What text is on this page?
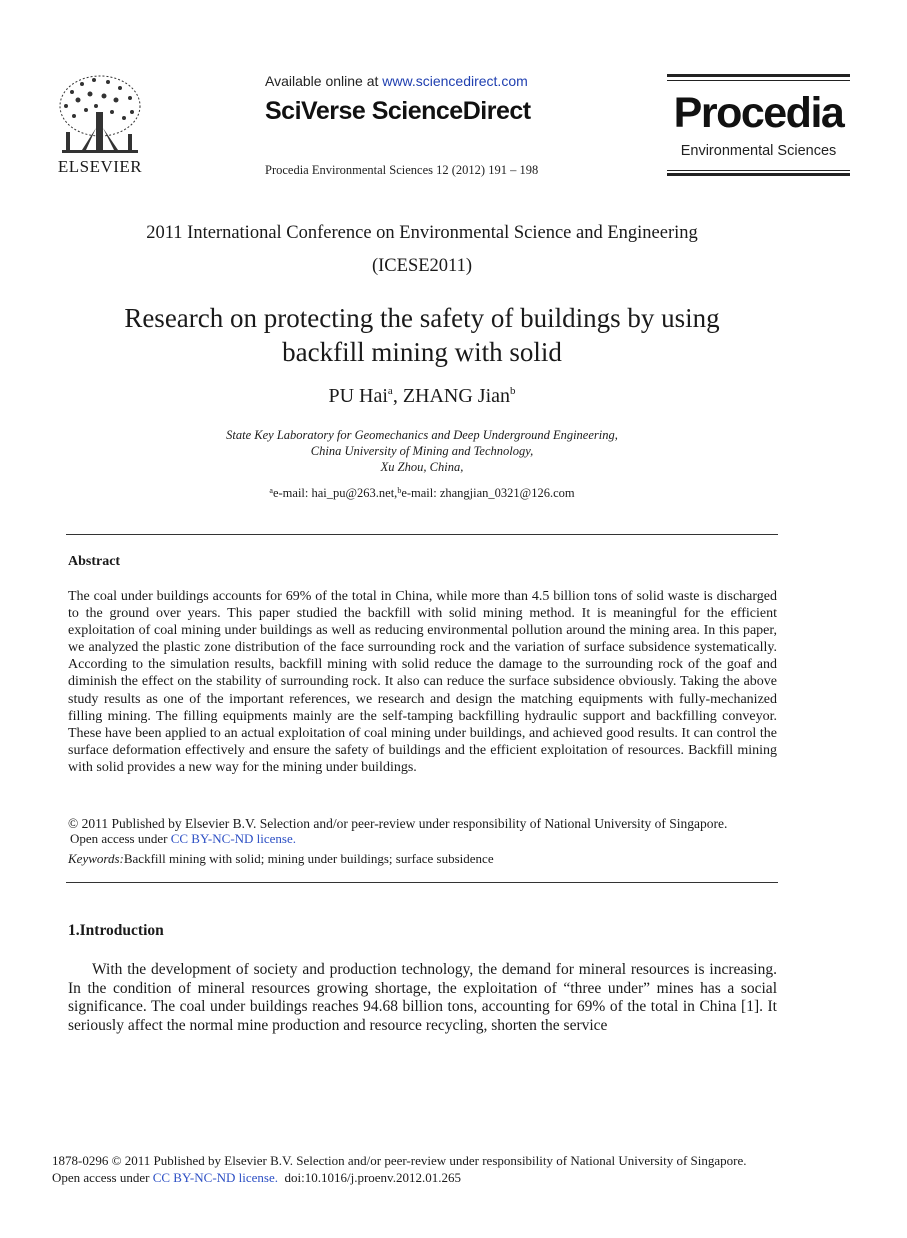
ELSEVIER
Available online at www.sciencedirect.com
SciVerse ScienceDirect
Procedia Environmental Sciences 12 (2012) 191 – 198
Procedia
Environmental Sciences
2011 International Conference on Environmental Science and Engineering
(ICESE2011)
Research on protecting the safety of buildings by using
backfill mining with solid
PU Hai$^a$, ZHANG Jian$^b$
State Key Laboratory for Geomechanics and Deep Underground Engineering,
China University of Mining and Technology,
Xu Zhou, China,
$^a$e-mail: hai_pu@263.net,$^b$e-mail: zhangjian_0321@126.com
Abstract
The coal under buildings accounts for 69% of the total in China, while more than 4.5 billion tons of solid waste is discharged to the ground over years. This paper studied the backfill with solid mining method. It is meaningful for the efficient exploitation of coal mining under buildings as well as reducing environmental pollution around the mining area. In this paper, we analyzed the plastic zone distribution of the face surrounding rock and the variation of surface subsidence systematically. According to the simulation results, backfill mining with solid reduce the damage to the surrounding rock of the goaf and diminish the effect on the stability of surrounding rock. It also can reduce the surface subsidence obviously. Taking the above study results as one of the important references, we research and design the matching equipments with fully-mechanized filling mining. The filling equipments mainly are the self-tamping backfilling hydraulic support and backfilling conveyor. These have been applied to an actual exploitation of coal mining under buildings, and achieved good results. It can control the surface deformation effectively and ensure the safety of buildings and the efficient exploitation of resources. Backfill mining with solid provides a new way for the mining under buildings.
© 2011 Published by Elsevier B.V. Selection and/or peer-review under responsibility of National University of Singapore.
Open access under CC BY-NC-ND license.
Keywords:Backfill mining with solid; mining under buildings; surface subsidence
1.Introduction
With the development of society and production technology, the demand for mineral resources is increasing. In the condition of mineral resources growing shortage, the exploitation of “three under” mines has a social significance. The coal under buildings reaches 94.68 billion tons, accounting for 69% of the total in China [1]. It seriously affect the normal mine production and resource recycling, shorten the service
1878-0296 © 2011 Published by Elsevier B.V. Selection and/or peer-review under responsibility of National University of Singapore.
Open access under CC BY-NC-ND license.  doi:10.1016/j.proenv.2012.01.265
